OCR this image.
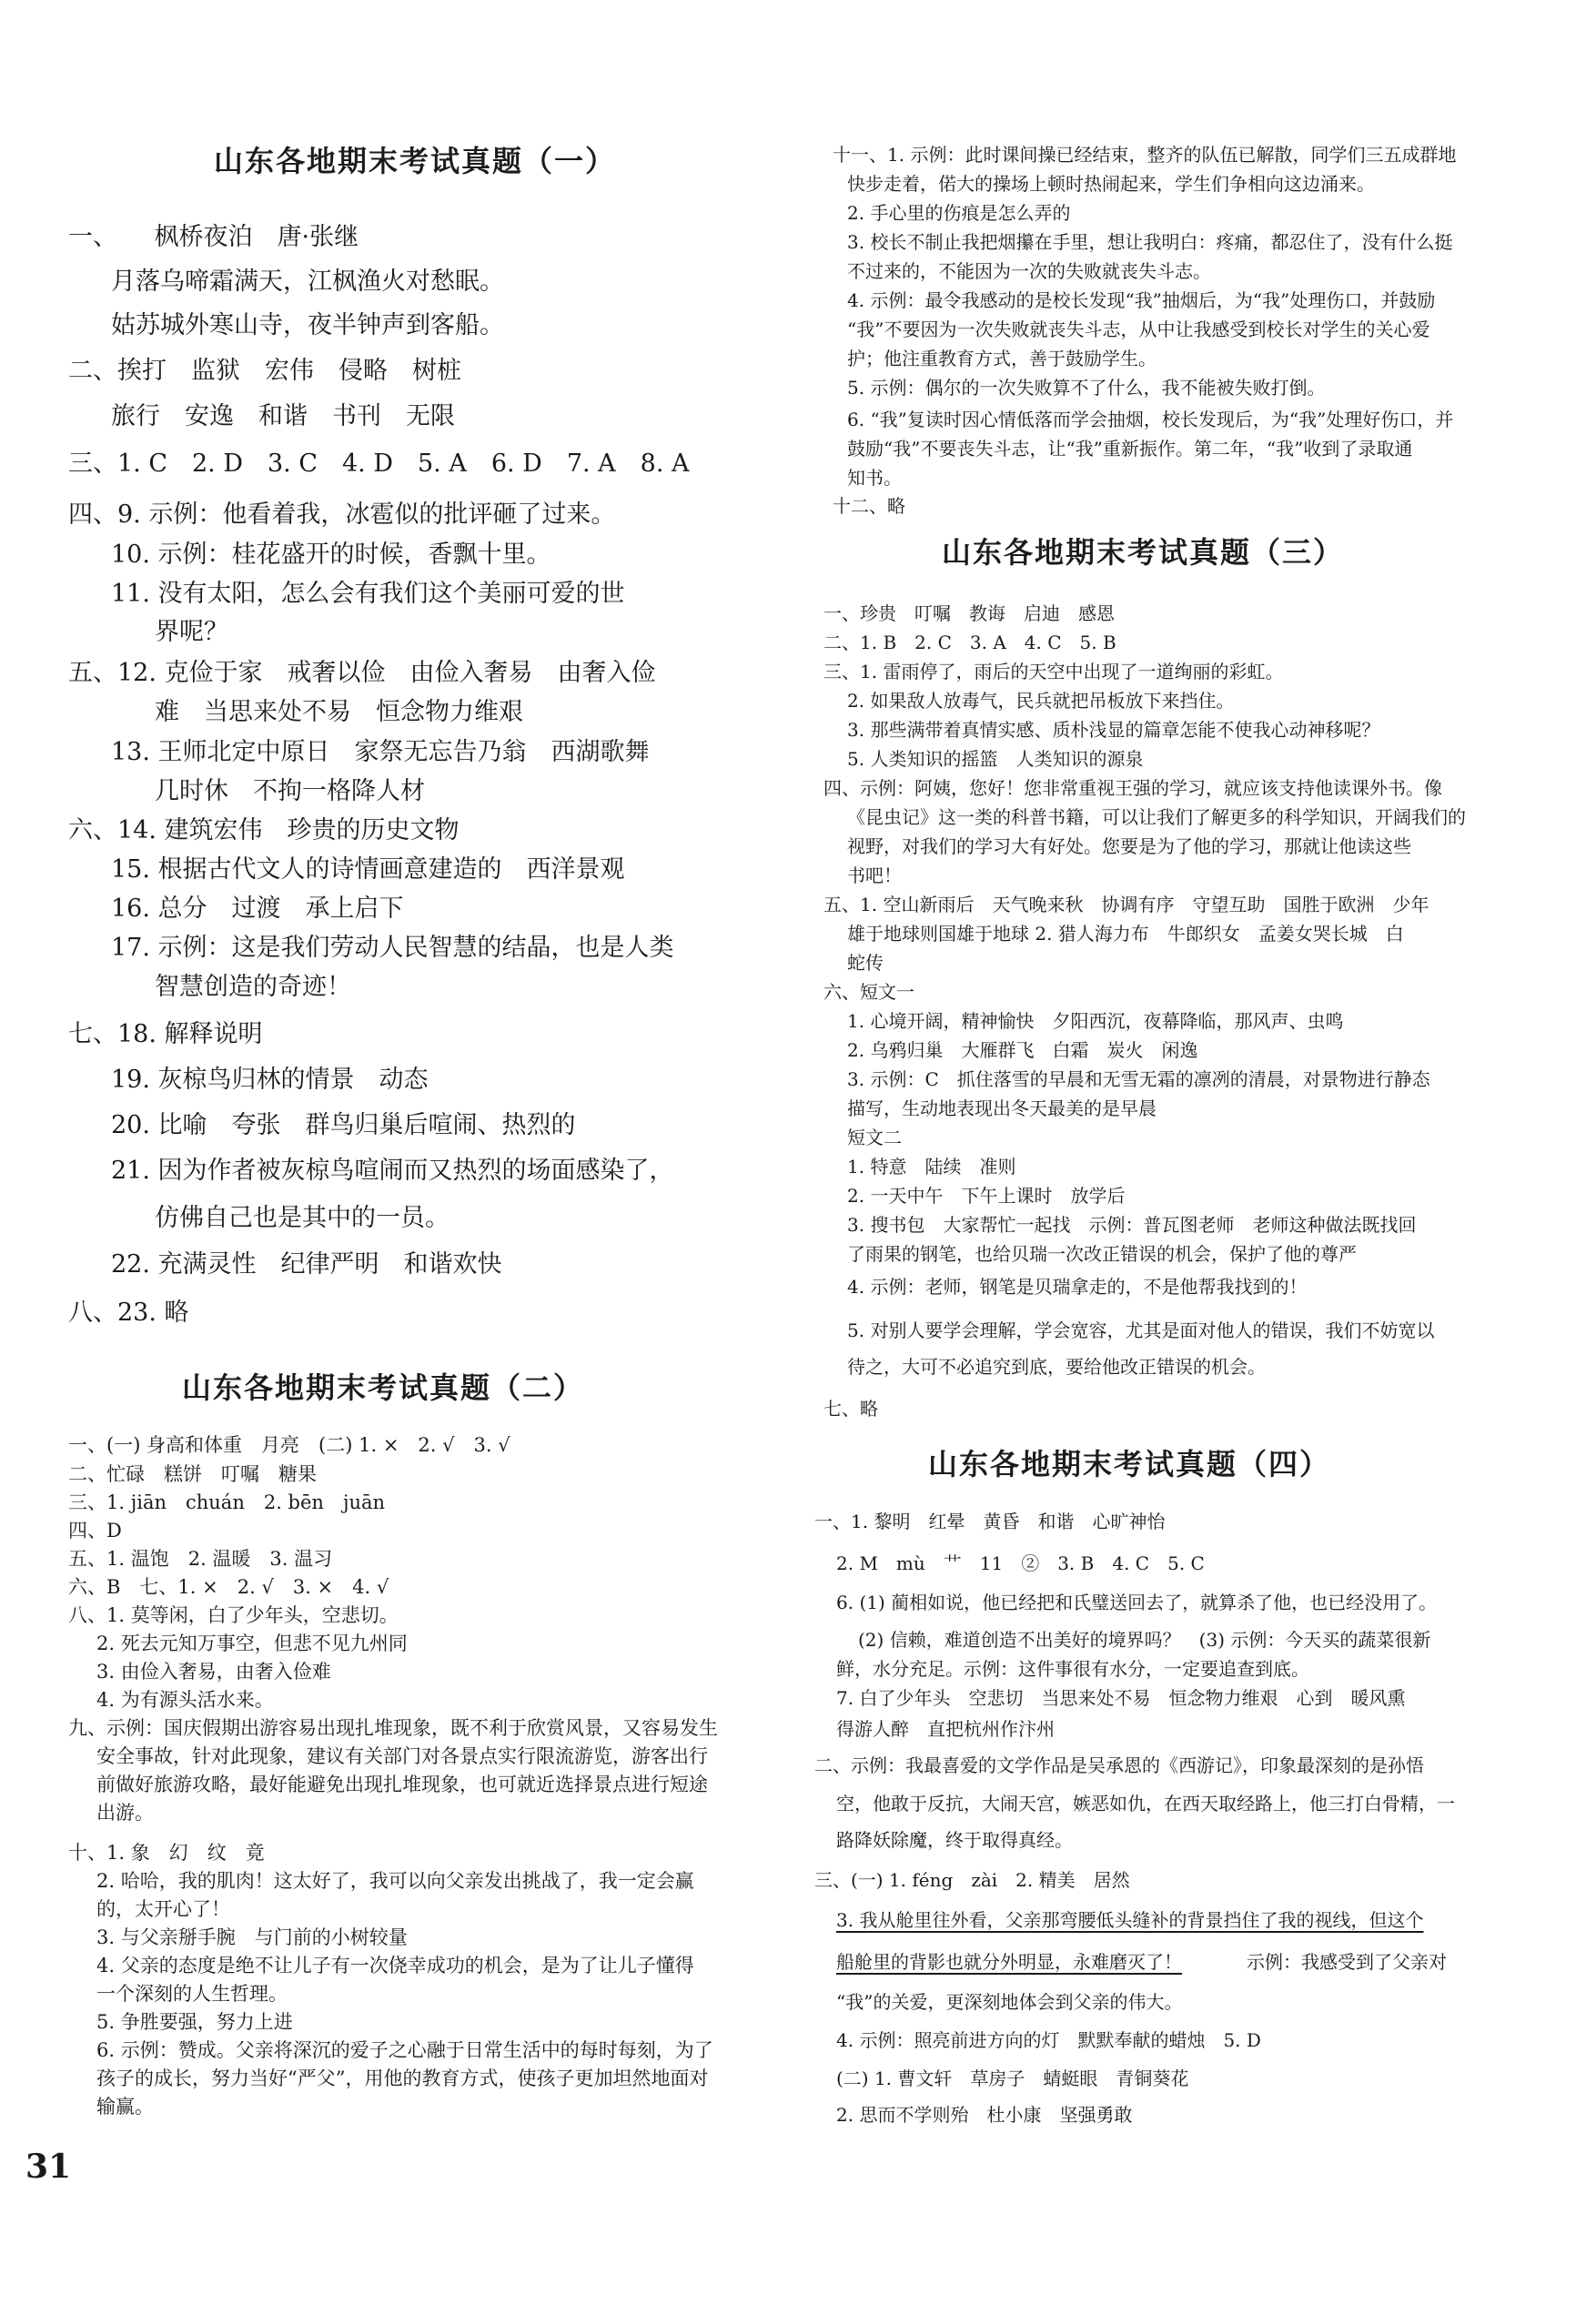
山东各地期末考试真题（一）
一、　　枫桥夜泊　唐·张继
月落乌啼霜满天，江枫渔火对愁眠。
姑苏城外寒山寺，夜半钟声到客船。
二、挨打　监狱　宏伟　侵略　树桩
旅行　安逸　和谐　书刊　无限
三、1. C　2. D　3. C　4. D　5. A　6. D　7. A　8. A
四、9. 示例：他看着我，冰雹似的批评砸了过来。
10. 示例：桂花盛开的时候，香飘十里。
11. 没有太阳，怎么会有我们这个美丽可爱的世
界呢？
五、12. 克俭于家　戒奢以俭　由俭入奢易　由奢入俭
难　当思来处不易　恒念物力维艰
13. 王师北定中原日　家祭无忘告乃翁　西湖歌舞
几时休　不拘一格降人材
六、14. 建筑宏伟　珍贵的历史文物
15. 根据古代文人的诗情画意建造的　西洋景观
16. 总分　过渡　承上启下
17. 示例：这是我们劳动人民智慧的结晶，也是人类
智慧创造的奇迹！
七、18. 解释说明
19. 灰椋鸟归林的情景　动态
20. 比喻　夸张　群鸟归巢后喧闹、热烈的
21. 因为作者被灰椋鸟喧闹而又热烈的场面感染了，
仿佛自己也是其中的一员。
22. 充满灵性　纪律严明　和谐欢快
八、23. 略
山东各地期末考试真题（二）
一、(一) 身高和体重　月亮　(二) 1. ×　2. √　3. √
二、忙碌　糕饼　叮嘱　糖果
三、1. jiān　chuán　2. bēn　juān
四、D
五、1. 温饱　2. 温暖　3. 温习
六、B　七、1. ×　2. √　3. ×　4. √
八、1. 莫等闲，白了少年头，空悲切。
2. 死去元知万事空，但悲不见九州同
3. 由俭入奢易，由奢入俭难
4. 为有源头活水来。
九、示例：国庆假期出游容易出现扎堆现象，既不利于欣赏风景，又容易发生
安全事故，针对此现象，建议有关部门对各景点实行限流游览，游客出行
前做好旅游攻略，最好能避免出现扎堆现象，也可就近选择景点进行短途
出游。
十、1. 象　幻　纹　竟
2. 哈哈，我的肌肉！这太好了，我可以向父亲发出挑战了，我一定会赢
的，太开心了！
3. 与父亲掰手腕　与门前的小树较量
4. 父亲的态度是绝不让儿子有一次侥幸成功的机会，是为了让儿子懂得
一个深刻的人生哲理。
5. 争胜要强，努力上进
6. 示例：赞成。父亲将深沉的爱子之心融于日常生活中的每时每刻，为了
孩子的成长，努力当好“严父”，用他的教育方式，使孩子更加坦然地面对
输赢。
十一、1. 示例：此时课间操已经结束，整齐的队伍已解散，同学们三五成群地
快步走着，偌大的操场上顿时热闹起来，学生们争相向这边涌来。
2. 手心里的伤痕是怎么弄的
3. 校长不制止我把烟攥在手里，想让我明白：疼痛，都忍住了，没有什么挺
不过来的，不能因为一次的失败就丧失斗志。
4. 示例：最令我感动的是校长发现“我”抽烟后，为“我”处理伤口，并鼓励
“我”不要因为一次失败就丧失斗志，从中让我感受到校长对学生的关心爱
护；他注重教育方式，善于鼓励学生。
5. 示例：偶尔的一次失败算不了什么，我不能被失败打倒。
6. “我”复读时因心情低落而学会抽烟，校长发现后，为“我”处理好伤口，并
鼓励“我”不要丧失斗志，让“我”重新振作。第二年，“我”收到了录取通
知书。
十二、略
山东各地期末考试真题（三）
一、珍贵　叮嘱　教诲　启迪　感恩
二、1. B　2. C　3. A　4. C　5. B
三、1. 雷雨停了，雨后的天空中出现了一道绚丽的彩虹。
2. 如果敌人放毒气，民兵就把吊板放下来挡住。
3. 那些满带着真情实感、质朴浅显的篇章怎能不使我心动神移呢？
5. 人类知识的摇篮　人类知识的源泉
四、示例：阿姨，您好！您非常重视王强的学习，就应该支持他读课外书。像
《昆虫记》这一类的科普书籍，可以让我们了解更多的科学知识，开阔我们的
视野，对我们的学习大有好处。您要是为了他的学习，那就让他读这些
书吧！
五、1. 空山新雨后　天气晚来秋　协调有序　守望互助　国胜于欧洲　少年
雄于地球则国雄于地球 2. 猎人海力布　牛郎织女　孟姜女哭长城　白
蛇传
六、短文一
1. 心境开阔，精神愉快　夕阳西沉，夜幕降临，那风声、虫鸣
2. 乌鸦归巢　大雁群飞　白霜　炭火　闲逸
3. 示例：C　抓住落雪的早晨和无雪无霜的凛冽的清晨，对景物进行静态
描写，生动地表现出冬天最美的是早晨
短文二
1. 特意　陆续　准则
2. 一天中午　下午上课时　放学后
3. 搜书包　大家帮忙一起找　示例：普瓦图老师　老师这种做法既找回
了雨果的钢笔，也给贝瑞一次改正错误的机会，保护了他的尊严
4. 示例：老师，钢笔是贝瑞拿走的，不是他帮我找到的！
5. 对别人要学会理解，学会宽容，尤其是面对他人的错误，我们不妨宽以
待之，大可不必追究到底，要给他改正错误的机会。
七、略
山东各地期末考试真题（四）
一、1. 黎明　红晕　黄昏　和谐　心旷神怡
2. M　mù　艹　11　②　3. B　4. C　5. C
6. (1) 蔺相如说，他已经把和氏璧送回去了，就算杀了他，也已经没用了。
(2) 信赖，难道创造不出美好的境界吗？　(3) 示例：今天买的蔬菜很新
鲜，水分充足。示例：这件事很有水分，一定要追查到底。
7. 白了少年头　空悲切　当思来处不易　恒念物力维艰　心到　暖风熏
得游人醉　直把杭州作汴州
二、示例：我最喜爱的文学作品是吴承恩的《西游记》，印象最深刻的是孙悟
空，他敢于反抗，大闹天宫，嫉恶如仇，在西天取经路上，他三打白骨精，一
路降妖除魔，终于取得真经。
三、(一) 1. féng　zài　2. 精美　居然
3. 我从舱里往外看，父亲那弯腰低头缝补的背景挡住了我的视线，但这个
船舱里的背影也就分外明显，永难磨灭了！	示例：我感受到了父亲对
“我”的关爱，更深刻地体会到父亲的伟大。
4. 示例：照亮前进方向的灯　默默奉献的蜡烛　5. D
(二) 1. 曹文轩　草房子　蜻蜓眼　青铜葵花
2. 思而不学则殆　杜小康　坚强勇敢
31
